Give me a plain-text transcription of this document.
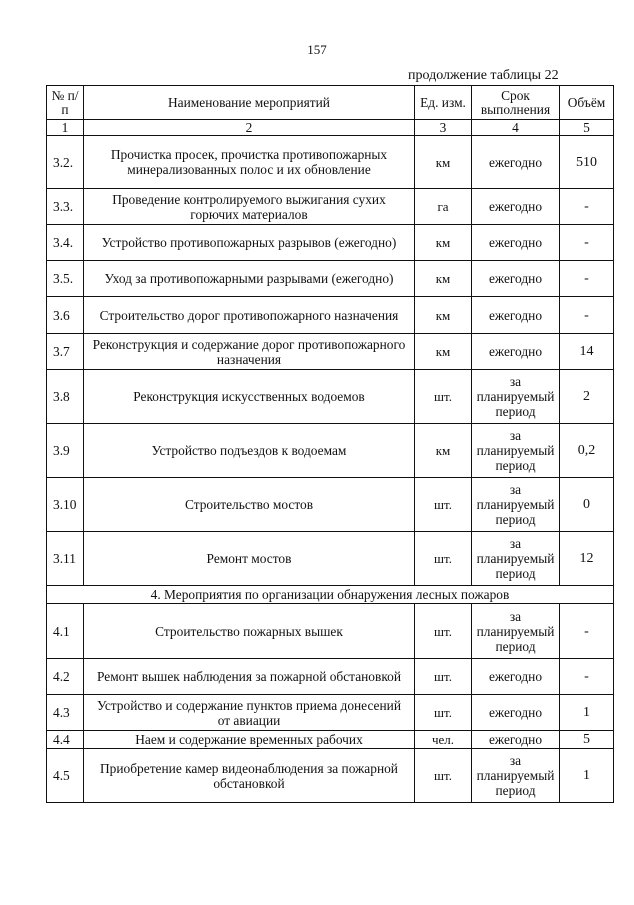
157
продолжение таблицы 22
№ п/п	Наименование мероприятий	Ед. изм.	Срок выполнения	Объём
1	2	3	4	5
3.2.	Прочистка просек, прочистка противопожарных минерализованных полос и их обновление	км	ежегодно	510
3.3.	Проведение контролируемого выжигания сухих горючих материалов	га	ежегодно	-
3.4.	Устройство противопожарных разрывов (ежегодно)	км	ежегодно	-
3.5.	Уход за противопожарными разрывами (ежегодно)	км	ежегодно	-
3.6	Строительство дорог противопожарного назначения	км	ежегодно	-
3.7	Реконструкция и содержание дорог противопожарного назначения	км	ежегодно	14
3.8	Реконструкция искусственных водоемов	шт.	за планируемый период	2
3.9	Устройство подъездов к водоемам	км	за планируемый период	0,2
3.10	Строительство мостов	шт.	за планируемый период	0
3.11	Ремонт мостов	шт.	за планируемый период	12
4. Мероприятия по организации обнаружения лесных пожаров				
4.1	Строительство пожарных вышек	шт.	за планируемый период	-
4.2	Ремонт вышек наблюдения за пожарной обстановкой	шт.	ежегодно	-
4.3	Устройство и содержание пунктов приема донесений от авиации	шт.	ежегодно	1
4.4	Наем и содержание временных рабочих	чел.	ежегодно	5
4.5	Приобретение камер видеонаблюдения за пожарной обстановкой	шт.	за планируемый период	1
